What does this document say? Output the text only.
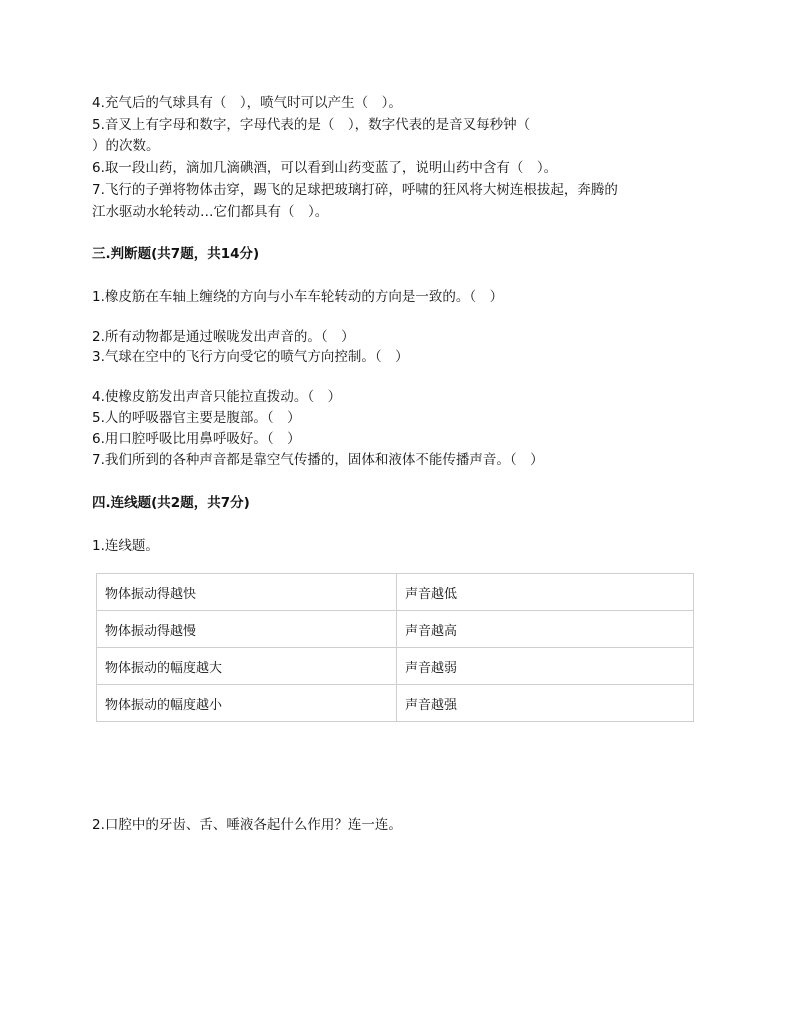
4.充气后的气球具有（　），喷气时可以产生（　）。
5.音叉上有字母和数字，字母代表的是（　），数字代表的是音叉每秒钟（
）的次数。
6.取一段山药，滴加几滴碘酒，可以看到山药变蓝了，说明山药中含有（　）。
7.飞行的子弹将物体击穿，踢飞的足球把玻璃打碎，呼啸的狂风将大树连根拔起，奔腾的
江水驱动水轮转动…它们都具有（　）。
三.判断题(共7题，共14分)
1.橡皮筋在车轴上缠绕的方向与小车车轮转动的方向是一致的。（　）
2.所有动物都是通过喉咙发出声音的。（　）
3.气球在空中的飞行方向受它的喷气方向控制。（　）
4.使橡皮筋发出声音只能拉直拨动。（　）
5.人的呼吸器官主要是腹部。（　）
6.用口腔呼吸比用鼻呼吸好。（　）
7.我们所到的各种声音都是靠空气传播的，固体和液体不能传播声音。（　）
四.连线题(共2题，共7分)
1.连线题。
物体振动得越快	声音越低
物体振动得越慢	声音越高
物体振动的幅度越大	声音越弱
物体振动的幅度越小	声音越强
2.口腔中的牙齿、舌、唾液各起什么作用？连一连。
